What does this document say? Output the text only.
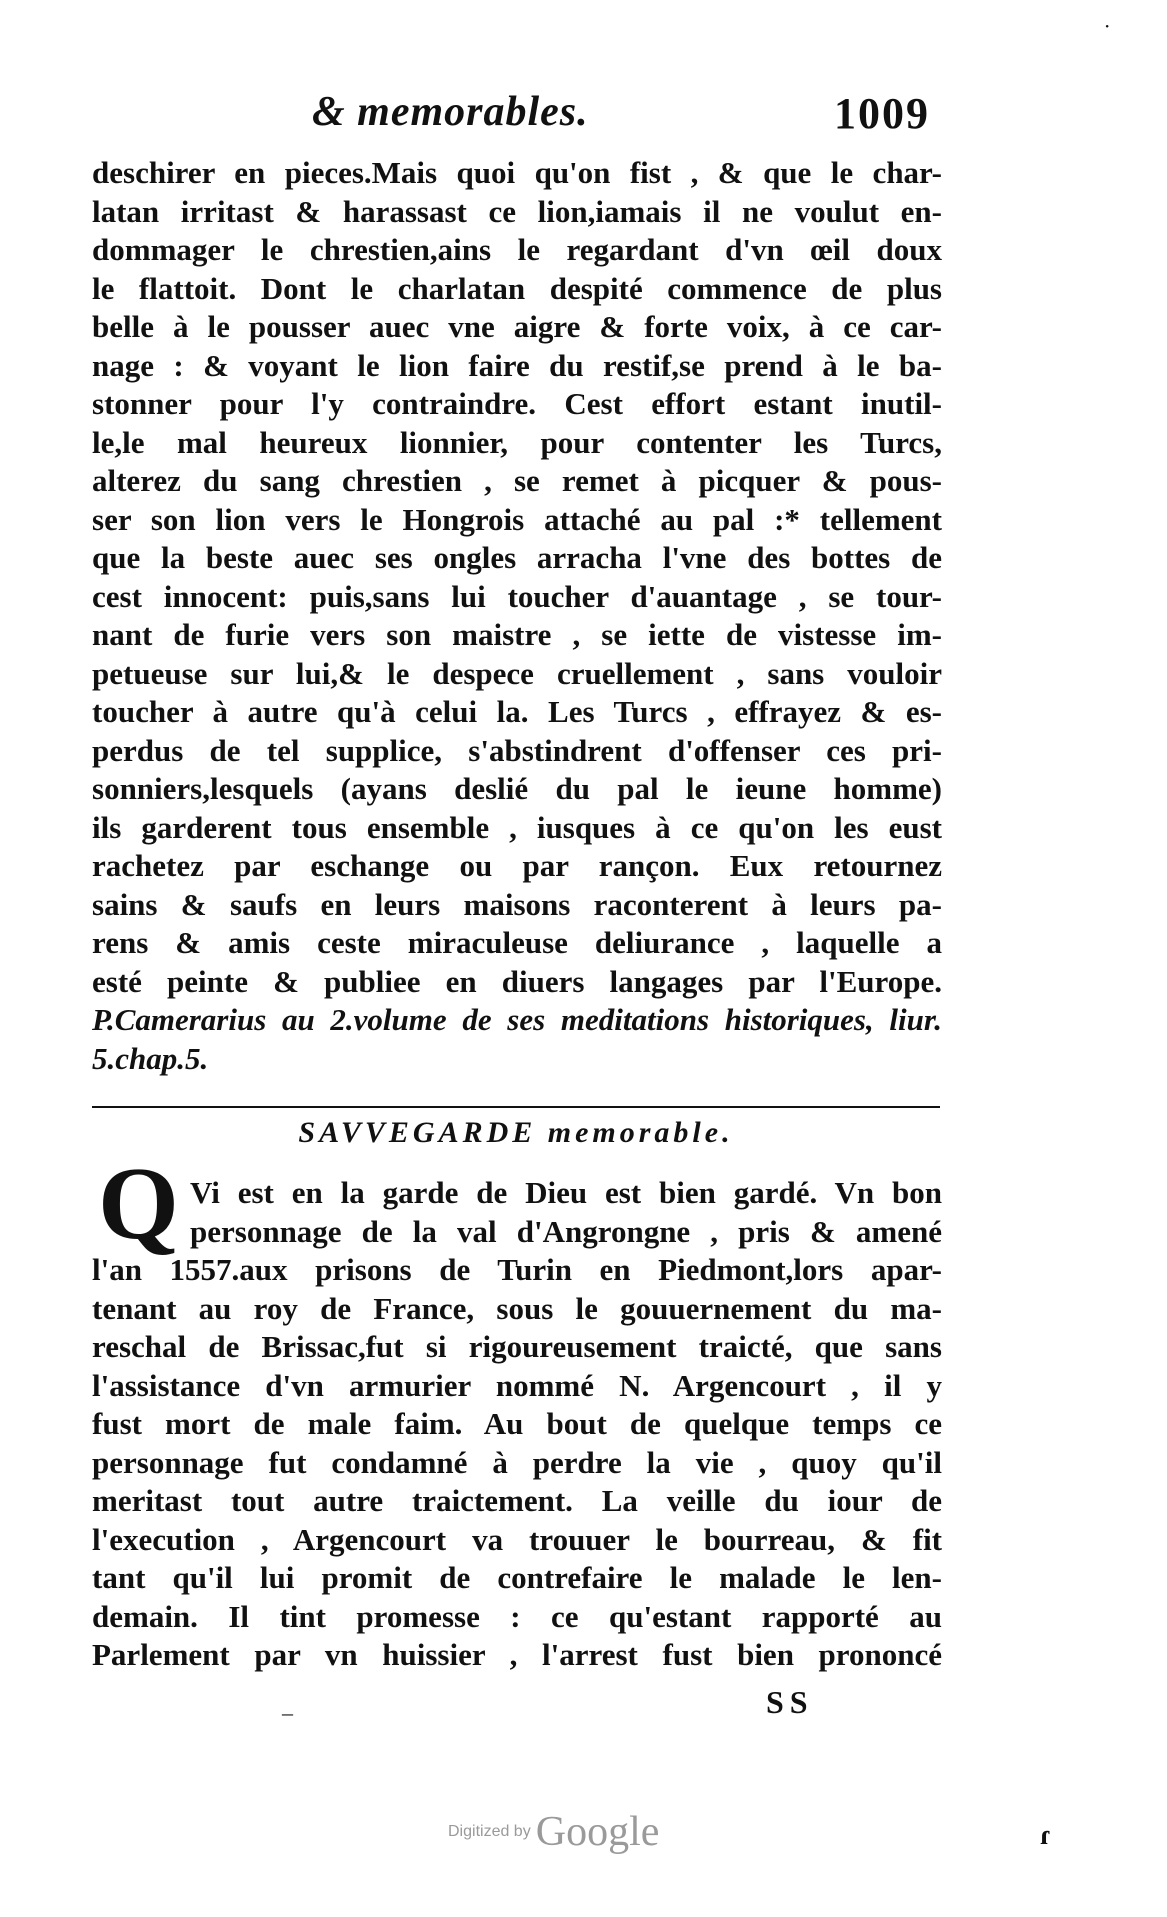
·
& memorables.	1009
deschirer en pieces.Mais quoi qu'on fist , & que le char-
latan irritast & harassast ce lion,iamais il ne voulut en-
dommager le chrestien,ains le regardant d'vn œil doux
le flattoit. Dont le charlatan despité commence de plus
belle à le pousser auec vne aigre & forte voix, à ce car-
nage : & voyant le lion faire du restif,se prend à le ba-
stonner pour l'y contraindre. Cest effort estant inutil-
le,le mal heureux lionnier, pour contenter les Turcs,
alterez du sang chrestien , se remet à picquer & pous-
ser son lion vers le Hongrois attaché au pal :* tellement
que la beste auec ses ongles arracha l'vne des bottes de
cest innocent: puis,sans lui toucher d'auantage , se tour-
nant de furie vers son maistre , se iette de vistesse im-
petueuse sur lui,& le despece cruellement , sans vouloir
toucher à autre qu'à celui la. Les Turcs , effrayez & es-
perdus de tel supplice, s'abstindrent d'offenser ces pri-
sonniers,lesquels (ayans deslié du pal le ieune homme)
ils garderent tous ensemble , iusques à ce qu'on les eust
rachetez par eschange ou par rançon. Eux retournez
sains & saufs en leurs maisons raconterent à leurs pa-
rens & amis ceste miraculeuse deliurance , laquelle a
esté peinte & publiee en diuers langages par l'Europe.
P.Camerarius au 2.volume de ses meditations historiques, liur.
5.chap.5.
SAVVEGARDE memorable.
Q Vi est en la garde de Dieu est bien gardé. Vn bon
personnage de la val d'Angrongne , pris & amené
l'an 1557.aux prisons de Turin en Piedmont,lors apar-
tenant au roy de France, sous le gouuernement du ma-
reschal de Brissac,fut si rigoureusement traicté, que sans
l'assistance d'vn armurier nommé N. Argencourt , il y
fust mort de male faim. Au bout de quelque temps ce
personnage fut condamné à perdre la vie , quoy qu'il
meritast tout autre traictement. La veille du iour de
l'execution , Argencourt va trouuer le bourreau, & fit
tant qu'il lui promit de contrefaire le malade le len-
demain. Il tint promesse : ce qu'estant rapporté au
Parlement par vn huissier , l'arrest fust bien prononcé
–	SS
Digitized by Google	ɾ
